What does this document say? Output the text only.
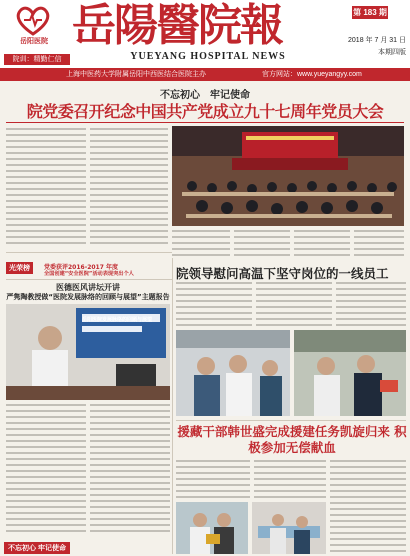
岳阳医院
院训：精勤仁信
岳陽醫院報
YUEYANG HOSPITAL NEWS
第 183 期
2018 年 7 月 31 日
本期四版
上海中医药大学附属岳阳中西医结合医院主办	官方网站：www.yueyangyy.com
不忘初心　牢记使命
院党委召开纪念中国共产党成立九十七周年党员大会
光荣榜	党委获评2016-2017 年度
全国创建“安全医院”活动表现突出个人
医德医风讲坛开讲
严隽陶教授做“医院发展脉络的回顾与展望”主题报告
岳阳医院发展脉络的回顾与展望
不忘初心 牢记使命
院领导慰问高温下坚守岗位的一线员工
援藏干部韩世盛完成援建任务凯旋归来 积极参加无偿献血
